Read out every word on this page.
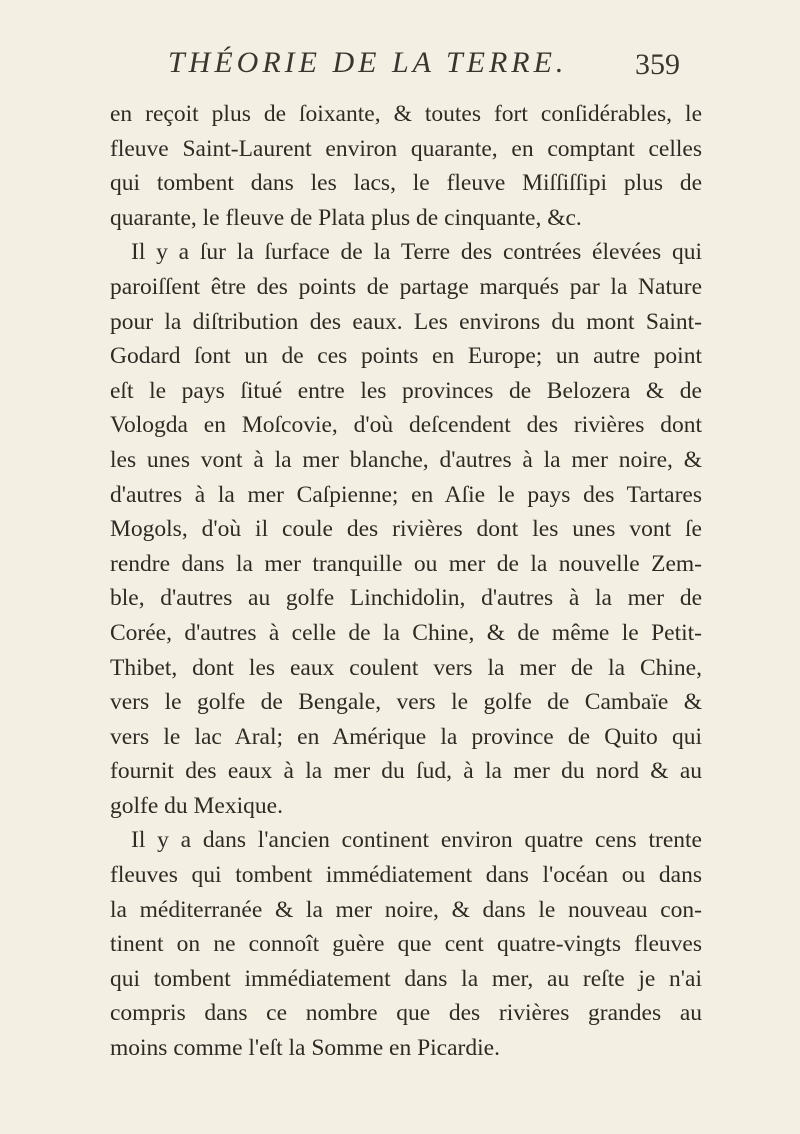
THÉORIE DE LA TERRE. 359
en reçoit plus de ſoixante, & toutes fort conſidérables, le
fleuve Saint-Laurent environ quarante, en comptant celles
qui tombent dans les lacs, le fleuve Miſſiſſipi plus de
quarante, le fleuve de Plata plus de cinquante, &c.
Il y a ſur la ſurface de la Terre des contrées élevées qui
paroiſſent être des points de partage marqués par la Nature
pour la diſtribution des eaux. Les environs du mont Saint-
Godard ſont un de ces points en Europe; un autre point
eſt le pays ſitué entre les provinces de Belozera & de
Vologda en Moſcovie, d'où deſcendent des rivières dont
les unes vont à la mer blanche, d'autres à la mer noire, &
d'autres à la mer Caſpienne; en Aſie le pays des Tartares
Mogols, d'où il coule des rivières dont les unes vont ſe
rendre dans la mer tranquille ou mer de la nouvelle Zem-
ble, d'autres au golfe Linchidolin, d'autres à la mer de
Corée, d'autres à celle de la Chine, & de même le Petit-
Thibet, dont les eaux coulent vers la mer de la Chine,
vers le golfe de Bengale, vers le golfe de Cambaïe &
vers le lac Aral; en Amérique la province de Quito qui
fournit des eaux à la mer du ſud, à la mer du nord & au
golfe du Mexique.
Il y a dans l'ancien continent environ quatre cens trente
fleuves qui tombent immédiatement dans l'océan ou dans
la méditerranée & la mer noire, & dans le nouveau con-
tinent on ne connoît guère que cent quatre-vingts fleuves
qui tombent immédiatement dans la mer, au reſte je n'ai
compris dans ce nombre que des rivières grandes au
moins comme l'eſt la Somme en Picardie.
